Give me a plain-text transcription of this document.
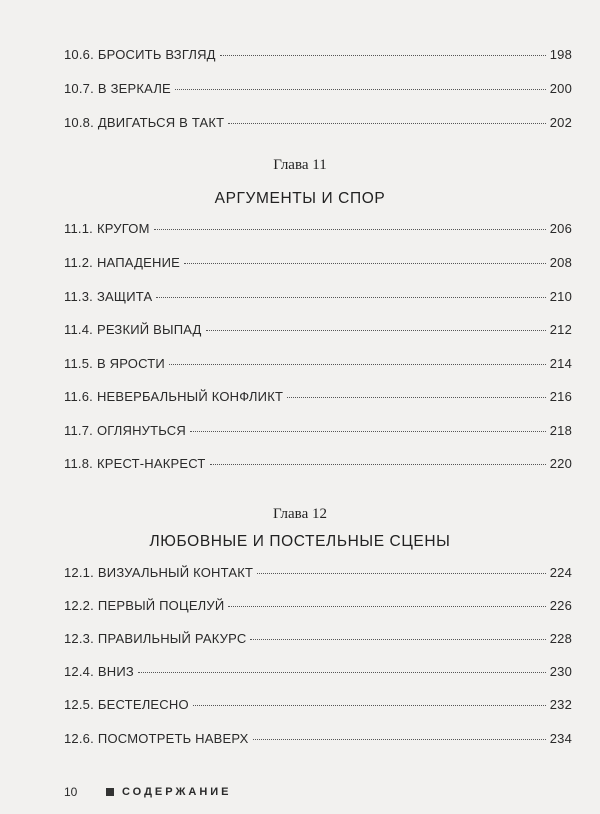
10.6. БРОСИТЬ ВЗГЛЯД	198
10.7. В ЗЕРКАЛЕ	200
10.8. ДВИГАТЬСЯ В ТАКТ	202
Глава 11
АРГУМЕНТЫ И СПОР
11.1. КРУГОМ	206
11.2. НАПАДЕНИЕ	208
11.3. ЗАЩИТА	210
11.4. РЕЗКИЙ ВЫПАД	212
11.5. В ЯРОСТИ	214
11.6. НЕВЕРБАЛЬНЫЙ КОНФЛИКТ	216
11.7. ОГЛЯНУТЬСЯ	218
11.8. КРЕСТ-НАКРЕСТ	220
Глава 12
ЛЮБОВНЫЕ И ПОСТЕЛЬНЫЕ СЦЕНЫ
12.1. ВИЗУАЛЬНЫЙ КОНТАКТ	224
12.2. ПЕРВЫЙ ПОЦЕЛУЙ	226
12.3. ПРАВИЛЬНЫЙ РАКУРС	228
12.4. ВНИЗ	230
12.5. БЕСТЕЛЕСНО	232
12.6. ПОСМОТРЕТЬ НАВЕРХ	234
10	СОДЕРЖАНИЕ
